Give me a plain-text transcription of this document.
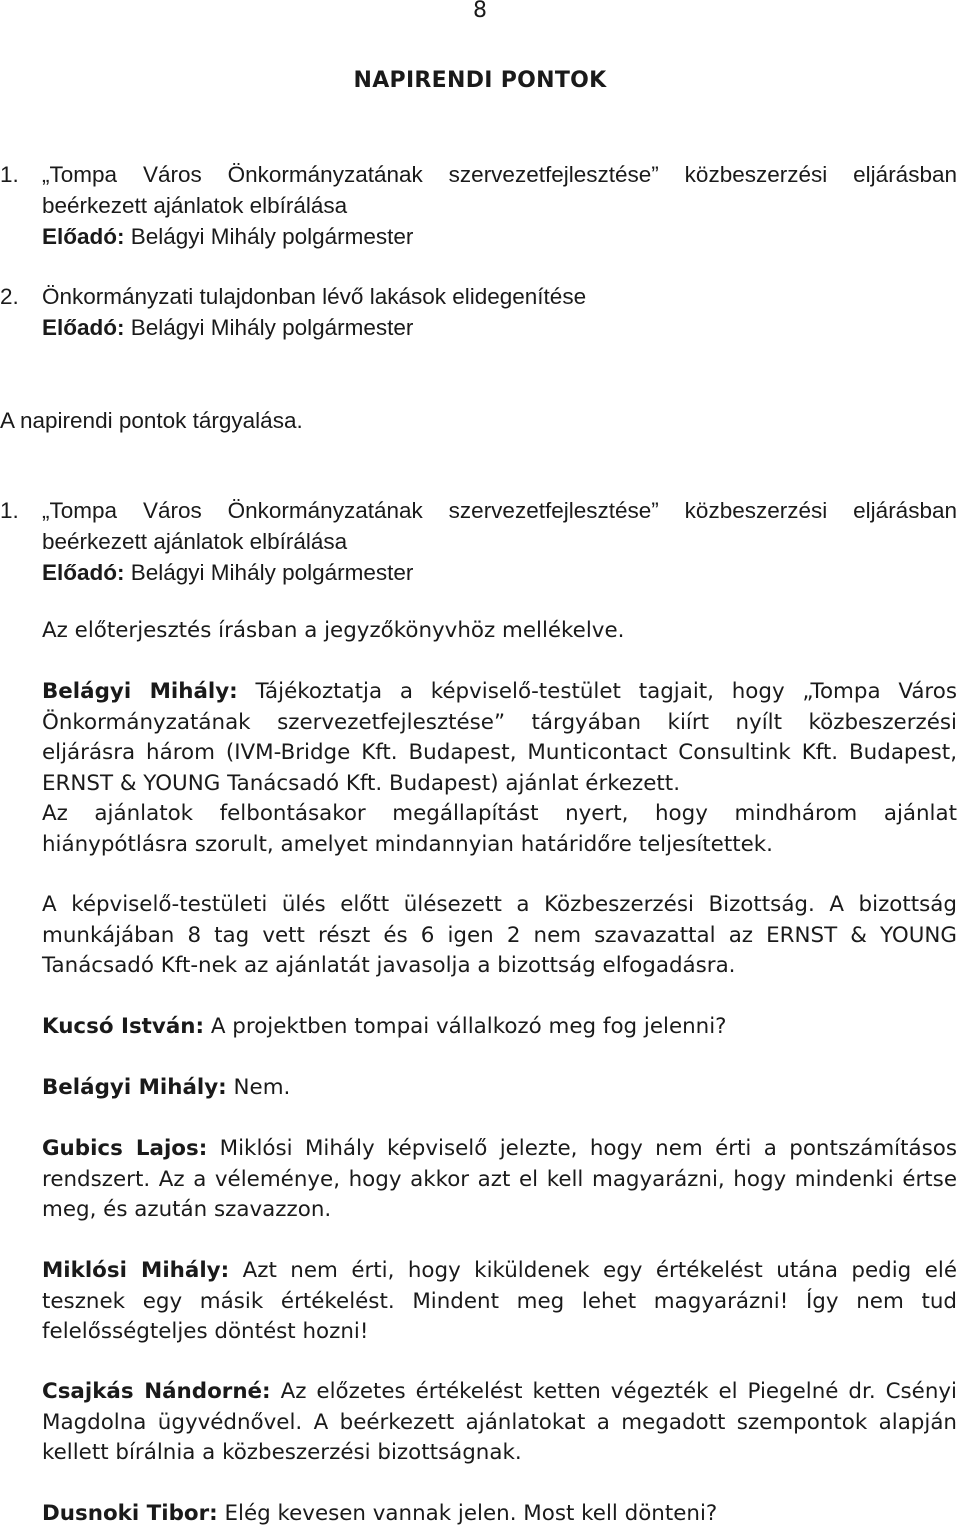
8
NAPIRENDI PONTOK
1. „Tompa Város Önkormányzatának szervezetfejlesztése” közbeszerzési eljárásban beérkezett ajánlatok elbírálása
Előadó: Belágyi Mihály polgármester
2. Önkormányzati tulajdonban lévő lakások elidegenítése
Előadó: Belágyi Mihály polgármester
A napirendi pontok tárgyalása.
1. „Tompa Város Önkormányzatának szervezetfejlesztése” közbeszerzési eljárásban beérkezett ajánlatok elbírálása
Előadó: Belágyi Mihály polgármester
Az előterjesztés írásban a jegyzőkönyvhöz mellékelve.
Belágyi Mihály: Tájékoztatja a képviselő-testület tagjait, hogy „Tompa Város Önkormányzatának szervezetfejlesztése” tárgyában kiírt nyílt közbeszerzési eljárásra három (IVM-Bridge Kft. Budapest, Munticontact Consultink Kft. Budapest, ERNST & YOUNG Tanácsadó Kft. Budapest) ajánlat érkezett.
Az ajánlatok felbontásakor megállapítást nyert, hogy mindhárom ajánlat hiánypótlásra szorult, amelyet mindannyian határidőre teljesítettek.
A képviselő-testületi ülés előtt ülésezett a Közbeszerzési Bizottság. A bizottság munkájában 8 tag vett részt és 6 igen 2 nem szavazattal az ERNST & YOUNG Tanácsadó Kft-nek az ajánlatát javasolja a bizottság elfogadásra.
Kucsó István: A projektben tompai vállalkozó meg fog jelenni?
Belágyi Mihály: Nem.
Gubics Lajos: Miklósi Mihály képviselő jelezte, hogy nem érti a pontszámításos rendszert. Az a véleménye, hogy akkor azt el kell magyarázni, hogy mindenki értse meg, és azután szavazzon.
Miklósi Mihály: Azt nem érti, hogy kiküldenek egy értékelést utána pedig elé tesznek egy másik értékelést. Mindent meg lehet magyarázni! Így nem tud felelősségteljes döntést hozni!
Csajkás Nándorné: Az előzetes értékelést ketten végezték el Piegelné dr. Csényi Magdolna ügyvédnővel. A beérkezett ajánlatokat a megadott szempontok alapján kellett bírálnia a közbeszerzési bizottságnak.
Dusnoki Tibor: Elég kevesen vannak jelen. Most kell dönteni?
